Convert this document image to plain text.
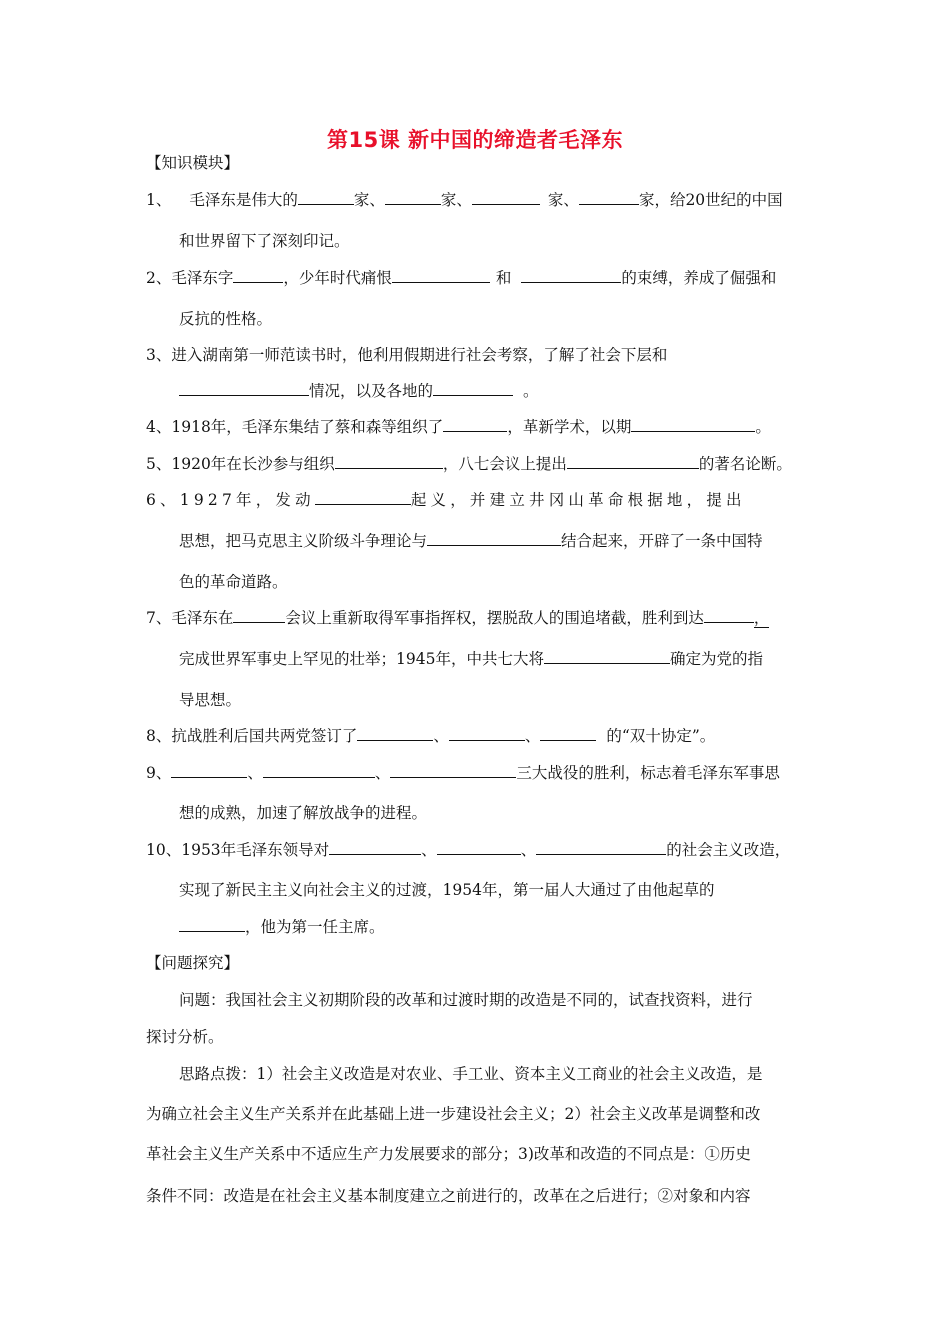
第15课 新中国的缔造者毛泽东
【知识模块】
1、 毛泽东是伟大的	家、	家、	家、	家，给20世纪的中国
和世界留下了深刻印记。
2、毛泽东字	，少年时代痛恨	和	的束缚，养成了倔强和
反抗的性格。
3、进入湖南第一师范读书时，他利用假期进行社会考察，了解了社会下层和
情况，以及各地的	。
4、1918年，毛泽东集结了蔡和森等组织了	，革新学术，以期	。
5、1920年在长沙参与组织	，八七会议上提出	的著名论断。
6、1927年，发动	起义，并建立井冈山革命根据地，提出
思想，把马克思主义阶级斗争理论与	结合起来，开辟了一条中国特
色的革命道路。
7、毛泽东在	会议上重新取得军事指挥权，摆脱敌人的围追堵截，胜利到达	，
完成世界军事史上罕见的壮举；1945年，中共七大将	确定为党的指
导思想。
8、抗战胜利后国共两党签订了	、	、	的“双十协定”。
9、	、	、	三大战役的胜利，标志着毛泽东军事思
想的成熟，加速了解放战争的进程。
10、1953年毛泽东领导对	、	、	的社会主义改造，
实现了新民主主义向社会主义的过渡，1954年，第一届人大通过了由他起草的
，他为第一任主席。
【问题探究】
问题：我国社会主义初期阶段的改革和过渡时期的改造是不同的，试查找资料，进行
探讨分析。
思路点拨：1）社会主义改造是对农业、手工业、资本主义工商业的社会主义改造，是
为确立社会主义生产关系并在此基础上进一步建设社会主义；2）社会主义改革是调整和改
革社会主义生产关系中不适应生产力发展要求的部分；3)改革和改造的不同点是：①历史
条件不同：改造是在社会主义基本制度建立之前进行的，改革在之后进行；②对象和内容
